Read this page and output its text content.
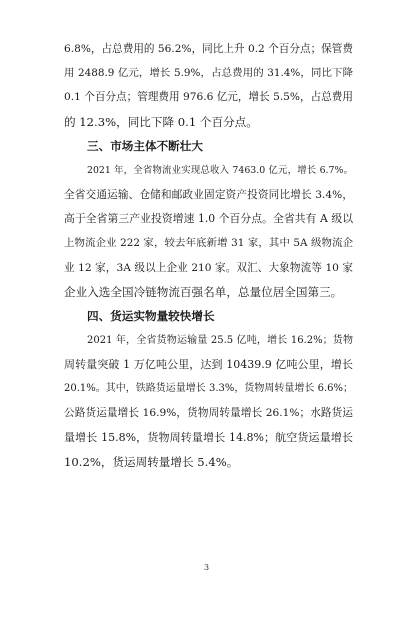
6.8%，占总费用的 56.2%，同比上升 0.2 个百分点；保管费
用 2488.9 亿元，增长 5.9%，占总费用的 31.4%，同比下降
0.1 个百分点；管理费用 976.6 亿元，增长 5.5%，占总费用
的 12.3%，同比下降 0.1 个百分点。
三、市场主体不断壮大
2021 年，全省物流业实现总收入 7463.0 亿元，增长 6.7%。
全省交通运输、仓储和邮政业固定资产投资同比增长 3.4%，
高于全省第三产业投资增速 1.0 个百分点。全省共有 A 级以
上物流企业 222 家，较去年底新增 31 家，其中 5A 级物流企
业 12 家，3A 级以上企业 210 家。双汇、大象物流等 10 家
企业入选全国冷链物流百强名单，总量位居全国第三。
四、货运实物量较快增长
2021 年，全省货物运输量 25.5 亿吨，增长 16.2%；货物
周转量突破 1 万亿吨公里，达到 10439.9 亿吨公里，增长
20.1%。其中，铁路货运量增长 3.3%，货物周转量增长 6.6%；
公路货运量增长 16.9%，货物周转量增长 26.1%；水路货运
量增长 15.8%，货物周转量增长 14.8%；航空货运量增长
10.2%，货运周转量增长 5.4%。
3
